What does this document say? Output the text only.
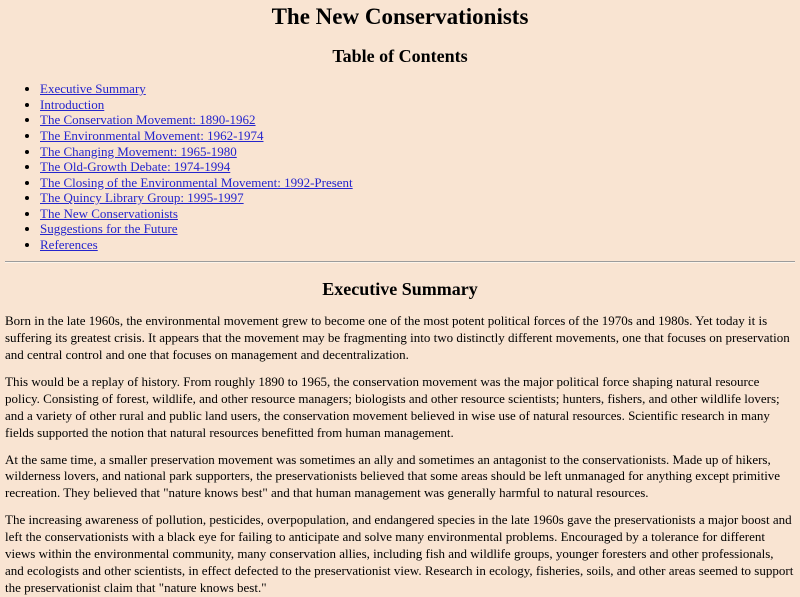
The New Conservationists
Table of Contents
• Executive Summary
• Introduction
• The Conservation Movement: 1890-1962
• The Environmental Movement: 1962-1974
• The Changing Movement: 1965-1980
• The Old-Growth Debate: 1974-1994
• The Closing of the Environmental Movement: 1992-Present
• The Quincy Library Group: 1995-1997
• The New Conservationists
• Suggestions for the Future
• References
Executive Summary

Born in the late 1960s, the environmental movement grew to become one of the most potent political forces of the 1970s and 1980s. Yet today it is suffering its greatest crisis. It appears that the movement may be fragmenting into two distinctly different movements, one that focuses on preservation and central control and one that focuses on management and decentralization.

This would be a replay of history. From roughly 1890 to 1965, the conservation movement was the major political force shaping natural resource policy. Consisting of forest, wildlife, and other resource managers; biologists and other resource scientists; hunters, fishers, and other wildlife lovers; and a variety of other rural and public land users, the conservation movement believed in wise use of natural resources. Scientific research in many fields supported the notion that natural resources benefitted from human management.

At the same time, a smaller preservation movement was sometimes an ally and sometimes an antagonist to the conservationists. Made up of hikers, wilderness lovers, and national park supporters, the preservationists believed that some areas should be left unmanaged for anything except primitive recreation. They believed that "nature knows best" and that human management was generally harmful to natural resources.

The increasing awareness of pollution, pesticides, overpopulation, and endangered species in the late 1960s gave the preservationists a major boost and left the conservationists with a black eye for failing to anticipate and solve many environmental problems. Encouraged by a tolerance for different views within the environmental community, many conservation allies, including fish and wildlife groups, younger foresters and other professionals, and ecologists and other scientists, in effect defected to the preservationist view. Research in ecology, fisheries, soils, and other areas seemed to support the preservationist claim that "nature knows best."
